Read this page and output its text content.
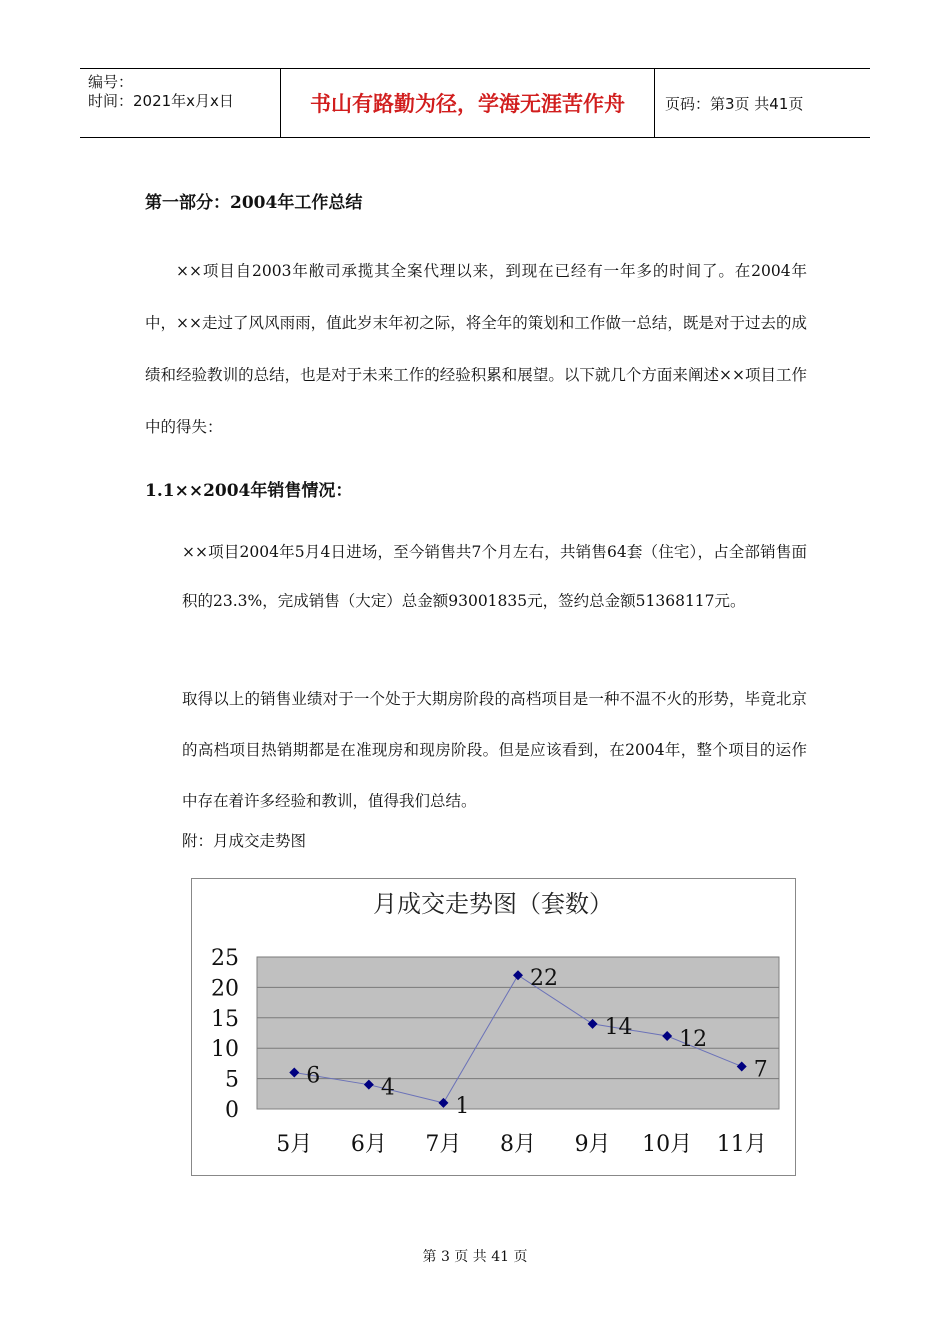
编号：
时间：2021年x月x日	书山有路勤为径，学海无涯苦作舟	页码：第3页 共41页
第一部分：2004年工作总结
××项目自2003年敝司承揽其全案代理以来，到现在已经有一年多的时间了。在2004年中，××走过了风风雨雨，值此岁末年初之际，将全年的策划和工作做一总结，既是对于过去的成绩和经验教训的总结，也是对于未来工作的经验积累和展望。以下就几个方面来阐述××项目工作中的得失：
1.1××2004年销售情况：
××项目2004年5月4日进场，至今销售共7个月左右，共销售64套（住宅），占全部销售面积的23.3%，完成销售（大定）总金额93001835元，签约总金额51368117元。
取得以上的销售业绩对于一个处于大期房阶段的高档项目是一种不温不火的形势，毕竟北京的高档项目热销期都是在准现房和现房阶段。但是应该看到，在2004年，整个项目的运作中存在着许多经验和教训，值得我们总结。
附：月成交走势图
月成交走势图（套数）
0
5
10
15
20
25
5月 6月 7月 8月 9月 10月 11月
6	4
1
22
14 12
7
第 3 页 共 41 页
